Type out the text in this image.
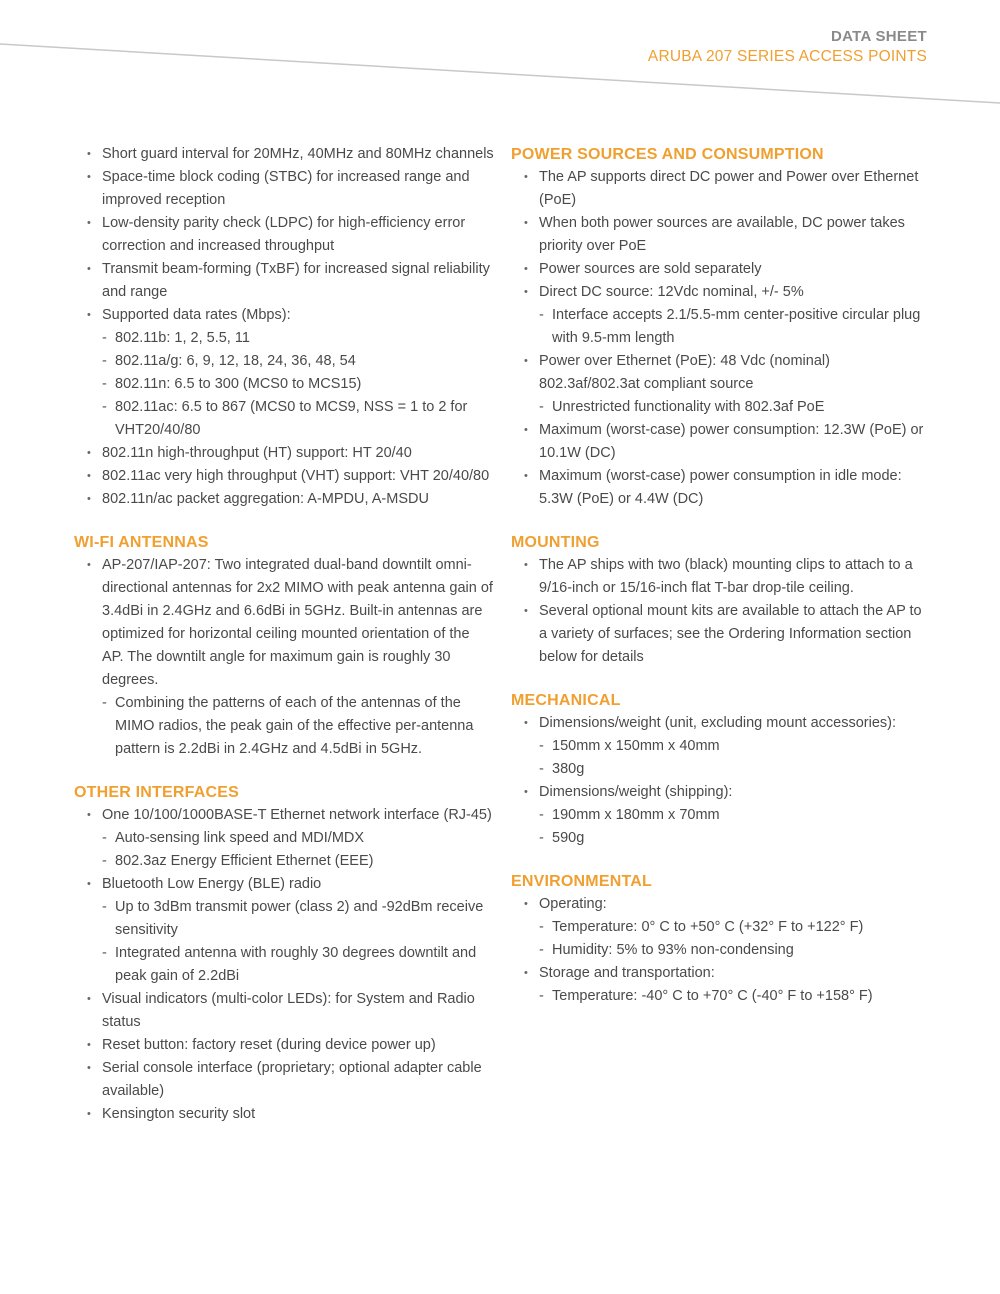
DATA SHEET
ARUBA 207 SERIES ACCESS POINTS
• Short guard interval for 20MHz, 40MHz and 80MHz channels
• Space-time block coding (STBC) for increased range and improved reception
• Low-density parity check (LDPC) for high-efficiency error correction and increased throughput
• Transmit beam-forming (TxBF) for increased signal reliability and range
• Supported data rates (Mbps):
- 802.11b: 1, 2, 5.5, 11
- 802.11a/g: 6, 9, 12, 18, 24, 36, 48, 54
- 802.11n: 6.5 to 300 (MCS0 to MCS15)
- 802.11ac: 6.5 to 867 (MCS0 to MCS9, NSS = 1 to 2 for VHT20/40/80
• 802.11n high-throughput (HT) support: HT 20/40
• 802.11ac very high throughput (VHT) support: VHT 20/40/80
• 802.11n/ac packet aggregation: A-MPDU, A-MSDU
WI-FI ANTENNAS
• AP-207/IAP-207: Two integrated dual-band downtilt omni-directional antennas for 2x2 MIMO with peak antenna gain of 3.4dBi in 2.4GHz and 6.6dBi in 5GHz. Built-in antennas are optimized for horizontal ceiling mounted orientation of the AP. The downtilt angle for maximum gain is roughly 30 degrees.
- Combining the patterns of each of the antennas of the MIMO radios, the peak gain of the effective per-antenna pattern is 2.2dBi in 2.4GHz and 4.5dBi in 5GHz.
OTHER INTERFACES
• One 10/100/1000BASE-T Ethernet network interface (RJ-45)
- Auto-sensing link speed and MDI/MDX
- 802.3az Energy Efficient Ethernet (EEE)
• Bluetooth Low Energy (BLE) radio
- Up to 3dBm transmit power (class 2) and -92dBm receive sensitivity
- Integrated antenna with roughly 30 degrees downtilt and peak gain of 2.2dBi
• Visual indicators (multi-color LEDs): for System and Radio status
• Reset button: factory reset (during device power up)
• Serial console interface (proprietary; optional adapter cable available)
• Kensington security slot
POWER SOURCES AND CONSUMPTION
• The AP supports direct DC power and Power over Ethernet (PoE)
• When both power sources are available, DC power takes priority over PoE
• Power sources are sold separately
• Direct DC source: 12Vdc nominal, +/- 5%
- Interface accepts 2.1/5.5-mm center-positive circular plug with 9.5-mm length
• Power over Ethernet (PoE): 48 Vdc (nominal) 802.3af/802.3at compliant source
- Unrestricted functionality with 802.3af PoE
• Maximum (worst-case) power consumption: 12.3W (PoE) or 10.1W (DC)
• Maximum (worst-case) power consumption in idle mode: 5.3W (PoE) or 4.4W (DC)
MOUNTING
• The AP ships with two (black) mounting clips to attach to a 9/16-inch or 15/16-inch flat T-bar drop-tile ceiling.
• Several optional mount kits are available to attach the AP to a variety of surfaces; see the Ordering Information section below for details
MECHANICAL
• Dimensions/weight (unit, excluding mount accessories):
- 150mm x 150mm x 40mm
- 380g
• Dimensions/weight (shipping):
- 190mm x 180mm x 70mm
- 590g
ENVIRONMENTAL
• Operating:
- Temperature: 0° C to +50° C (+32° F to +122° F)
- Humidity: 5% to 93% non-condensing
• Storage and transportation:
- Temperature: -40° C to +70° C (-40° F to +158° F)
